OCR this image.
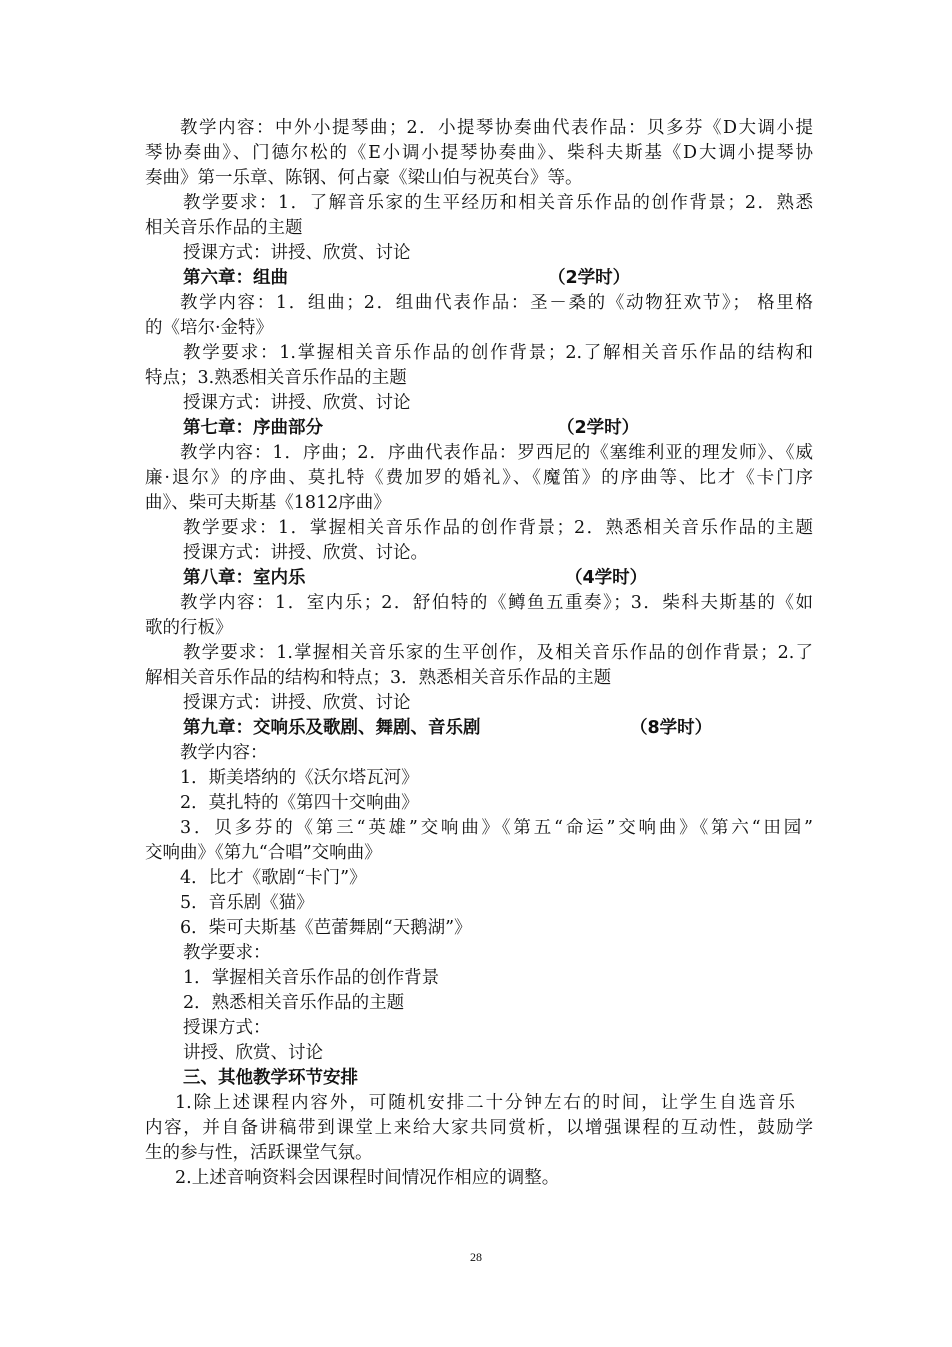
教学内容：中外小提琴曲；2．小提琴协奏曲代表作品：贝多芬《D大调小提
琴协奏曲》、门德尔松的《E小调小提琴协奏曲》、柴科夫斯基《D大调小提琴协
奏曲》第一乐章、陈钢、何占豪《梁山伯与祝英台》等。
教学要求：1．了解音乐家的生平经历和相关音乐作品的创作背景；2．熟悉
相关音乐作品的主题
授课方式：讲授、欣赏、讨论
第六章：组曲	（2学时）
教学内容：1．组曲；2．组曲代表作品：圣－桑的《动物狂欢节》； 格里格
的《培尔·金特》
教学要求：1.掌握相关音乐作品的创作背景；2.了解相关音乐作品的结构和
特点；3.熟悉相关音乐作品的主题
授课方式：讲授、欣赏、讨论
第七章：序曲部分	（2学时）
教学内容：1．序曲；2．序曲代表作品：罗西尼的《塞维利亚的理发师》、《威
廉·退尔》的序曲、莫扎特《费加罗的婚礼》、《魔笛》的序曲等、比才《卡门序
曲》、柴可夫斯基《1812序曲》
教学要求：1．掌握相关音乐作品的创作背景；2．熟悉相关音乐作品的主题
授课方式：讲授、欣赏、讨论。
第八章：室内乐	（4学时）
教学内容：1．室内乐；2．舒伯特的《鳟鱼五重奏》；3．柴科夫斯基的《如
歌的行板》
教学要求：1.掌握相关音乐家的生平创作，及相关音乐作品的创作背景；2.了
解相关音乐作品的结构和特点；3．熟悉相关音乐作品的主题
授课方式：讲授、欣赏、讨论
第九章：交响乐及歌剧、舞剧、音乐剧	（8学时）
教学内容：
1．斯美塔纳的《沃尔塔瓦河》
2．莫扎特的《第四十交响曲》
3．贝多芬的《第三“英雄”交响曲》《第五“命运”交响曲》《第六“田园”
交响曲》《第九“合唱”交响曲》
4．比才《歌剧“卡门”》
5．音乐剧《猫》
6．柴可夫斯基《芭蕾舞剧“天鹅湖”》
教学要求：
1．掌握相关音乐作品的创作背景
2．熟悉相关音乐作品的主题
授课方式：
讲授、欣赏、讨论
三、其他教学环节安排
1.除上述课程内容外，可随机安排二十分钟左右的时间，让学生自选音乐
内容，并自备讲稿带到课堂上来给大家共同赏析，以增强课程的互动性，鼓励学
生的参与性，活跃课堂气氛。
2.上述音响资料会因课程时间情况作相应的调整。
28
